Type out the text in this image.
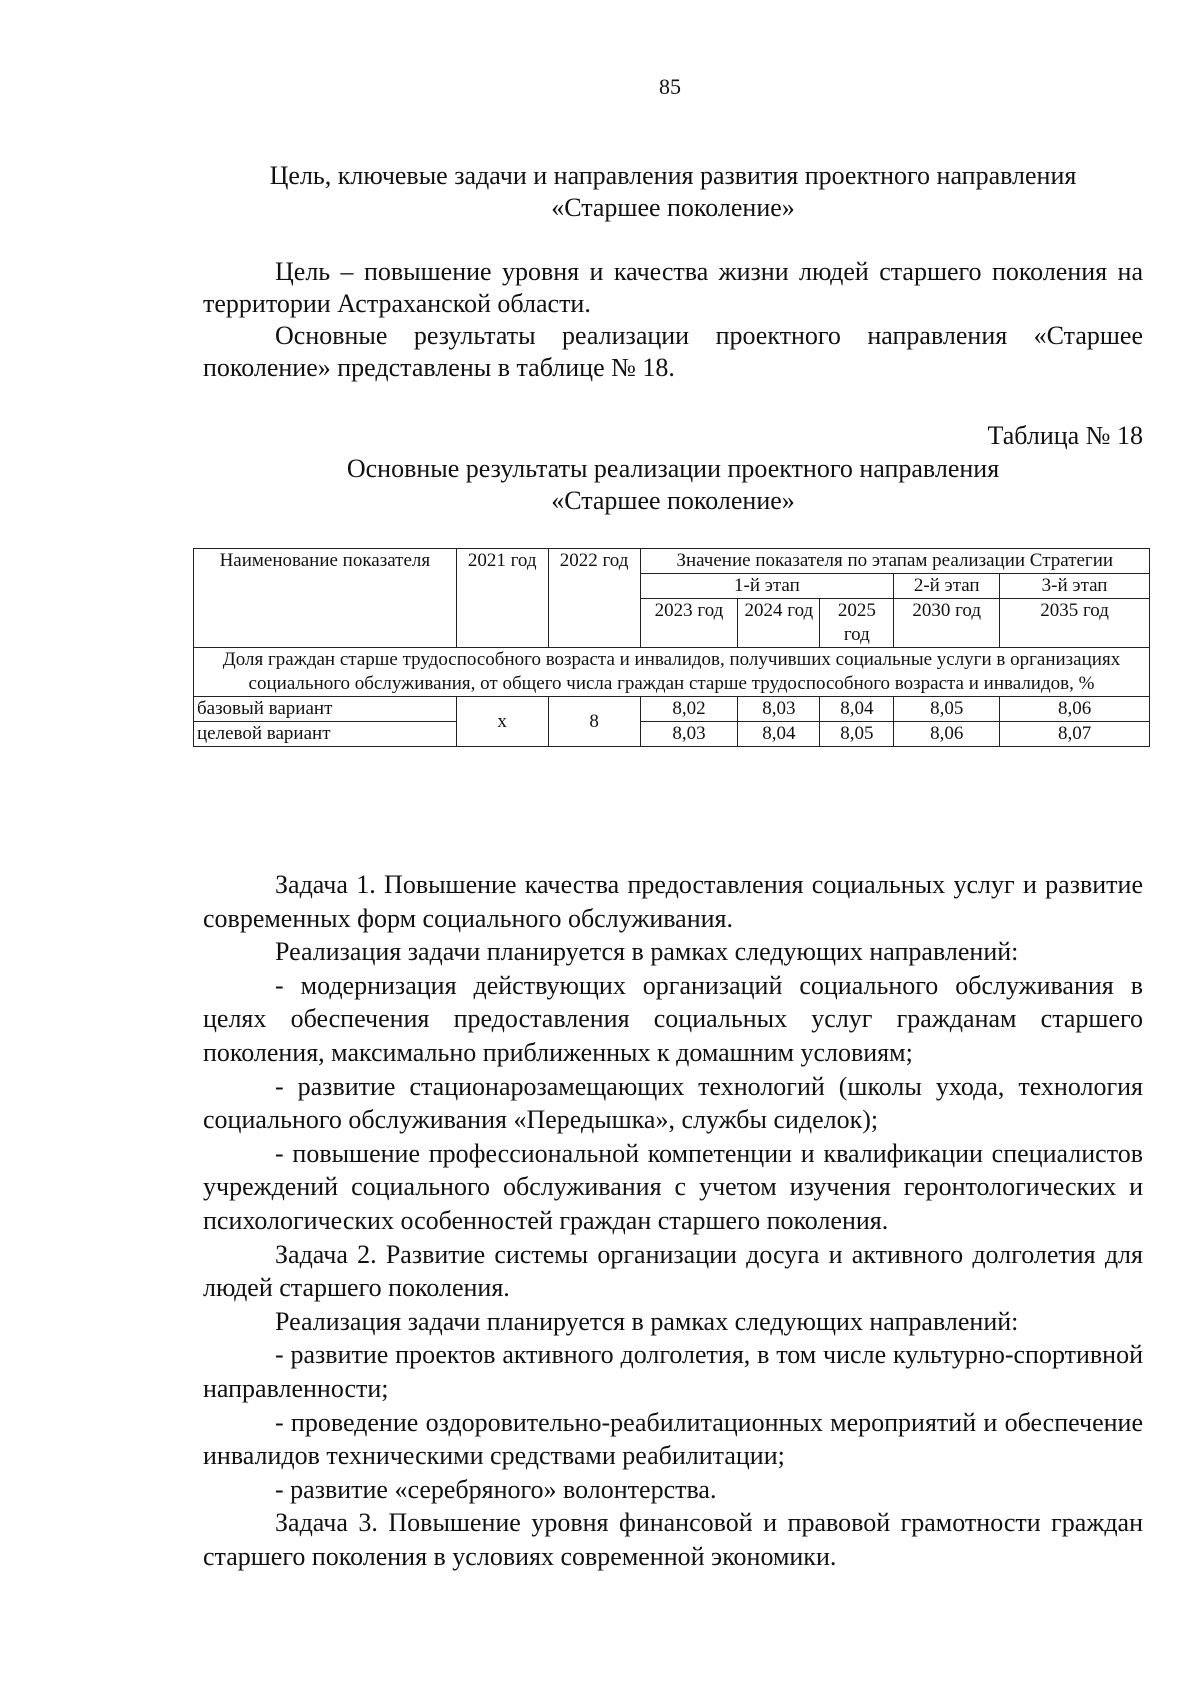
85
Цель, ключевые задачи и направления развития проектного направления
«Старшее поколение»

Цель – повышение уровня и качества жизни людей старшего поколения на территории Астраханской области.

Основные результаты реализации проектного направления «Старшее поколение» представлены в таблице № 18.

Таблица № 18
Основные результаты реализации проектного направления
«Старшее поколение»
Наименование показателя	2021 год	2022 год	Значение показателя по этапам реализации Стратегии				
			1-й этап			2-й этап	3-й этап
			2023 год	2024 год	2025 год	2030 год	2035 год
Доля граждан старше трудоспособного возраста и инвалидов, получивших социальные услуги в организациях социального обслуживания, от общего числа граждан старше трудоспособного возраста и инвалидов, %							
базовый вариант	х	8	8,02	8,03	8,04	8,05	8,06
целевой вариант			8,03	8,04	8,05	8,06	8,07

Задача 1. Повышение качества предоставления социальных услуг и развитие современных форм социального обслуживания.

Реализация задачи планируется в рамках следующих направлений:

- модернизация действующих организаций социального обслуживания в целях обеспечения предоставления социальных услуг гражданам старшего поколения, максимально приближенных к домашним условиям;

- развитие стационарозамещающих технологий (школы ухода, технология социального обслуживания «Передышка», службы сиделок);

- повышение профессиональной компетенции и квалификации специалистов учреждений социального обслуживания с учетом изучения геронтологических и психологических особенностей граждан старшего поколения.

Задача 2. Развитие системы организации досуга и активного долголетия для людей старшего поколения.

Реализация задачи планируется в рамках следующих направлений:

- развитие проектов активного долголетия, в том числе культурно-спортивной направленности;

- проведение оздоровительно-реабилитационных мероприятий и обеспечение инвалидов техническими средствами реабилитации;

- развитие «серебряного» волонтерства.

Задача 3. Повышение уровня финансовой и правовой грамотности граждан старшего поколения в условиях современной экономики.
